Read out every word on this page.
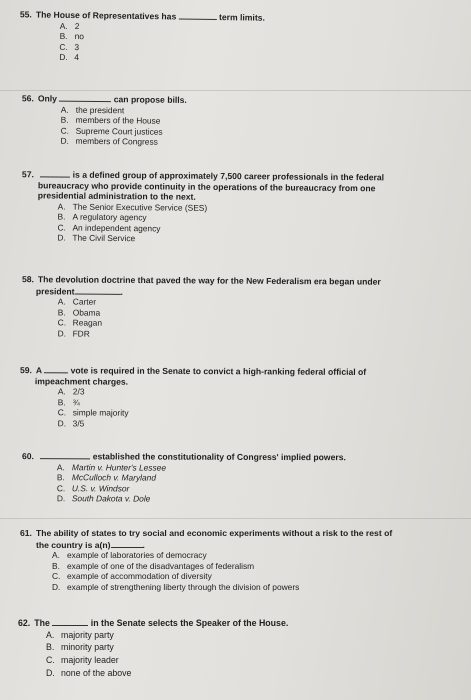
55. The House of Representatives has	term limits.

A. 2
B. no
C. 3
D. 4

56. Only	can propose bills.

A. the president
B. members of the House
C. Supreme Court justices
D. members of Congress

57.	is a defined group of approximately 7,500 career professionals in the federal

bureaucracy who provide continuity in the operations of the bureaucracy from one

presidential administration to the next.

A. The Senior Executive Service (SES)
B. A regulatory agency
C. An independent agency
D. The Civil Service

58. The devolution doctrine that paved the way for the New Federalism era began under

president	.

A. Carter
B. Obama
C. Reagan
D. FDR

59. A	vote is required in the Senate to convict a high-ranking federal official of

impeachment charges.

A. 2/3
B. ¾
C. simple majority
D. 3/5

60.	established the constitutionality of Congress' implied powers.

A. Martin v. Hunter's Lessee
B. McCulloch v. Maryland
C. U.S. v. Windsor
D. South Dakota v. Dole

61. The ability of states to try social and economic experiments without a risk to the rest of

the country is a(n)	.

A. example of laboratories of democracy
B. example of one of the disadvantages of federalism
C. example of accommodation of diversity
D. example of strengthening liberty through the division of powers

62. The	in the Senate selects the Speaker of the House.

A. majority party
B. minority party
C. majority leader
D. none of the above
